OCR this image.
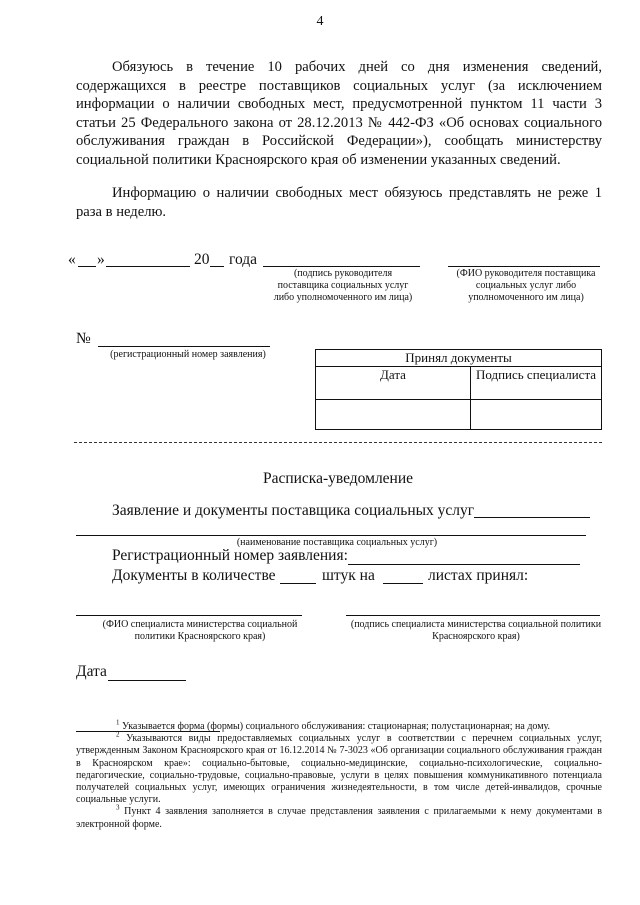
4
Обязуюсь в течение 10 рабочих дней со дня изменения сведений, содержащихся в реестре поставщиков социальных услуг (за исключением информации о наличии свободных мест, предусмотренной пунктом 11 части 3 статьи 25 Федерального закона от 28.12.2013 № 442-ФЗ «Об основах социального обслуживания граждан в Российской Федерации»), сообщать министерству социальной политики Красноярского края об изменении указанных сведений.
Информацию о наличии свободных мест обязуюсь представлять не реже 1 раза в неделю.
« »	20 года
(подпись руководителя поставщика социальных услуг либо уполномоченного им лица)
(ФИО руководителя поставщика социальных услуг либо уполномоченного им лица)
№
(регистрационный номер заявления)	Принял документы	
Дата	Подпись специалиста

Расписка-уведомление
Заявление и документы поставщика социальных услуг
(наименование поставщика социальных услуг)
Регистрационный номер заявления:
Документы в количестве	штук на	листах принял:
(ФИО специалиста министерства социальной политики Красноярского края)
(подпись специалиста министерства социальной политики Красноярского края)
Дата
$^1$ Указывается форма (формы) социального обслуживания: стационарная; полустационарная; на дому.
$^2$ Указываются виды предоставляемых социальных услуг в соответствии с перечнем социальных услуг, утвержденным Законом Красноярского края от 16.12.2014 № 7-3023 «Об организации социального обслуживания граждан в Красноярском крае»: социально-бытовые, социально-медицинские, социально-психологические, социально-педагогические, социально-трудовые, социально-правовые, услуги в целях повышения коммуникативного потенциала получателей социальных услуг, имеющих ограничения жизнедеятельности, в том числе детей-инвалидов, срочные социальные услуги.
$^3$ Пункт 4 заявления заполняется в случае представления заявления с прилагаемыми к нему документами в электронной форме.
